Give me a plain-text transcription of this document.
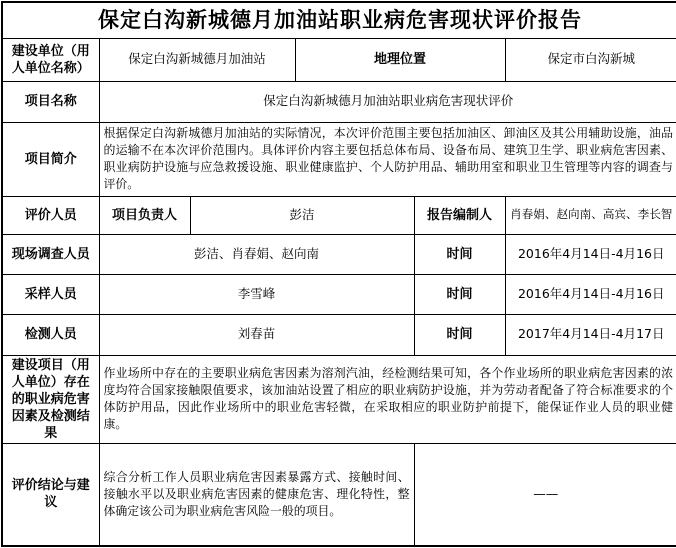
保定白沟新城德月加油站职业病危害现状评价报告					
建设单位（用人单位名称）	保定白沟新城德月加油站		地理位置		保定市白沟新城
项目名称	保定白沟新城德月加油站职业病危害现状评价				
项目简介	根据保定白沟新城德月加油站的实际情况，本次评价范围主要包括加油区、卸油区及其公用辅助设施，油品的运输不在本次评价范围内。具体评价内容主要包括总体布局、设备布局、建筑卫生学、职业病危害因素、职业病防护设施与应急救援设施、职业健康监护、个人防护用品、辅助用室和职业卫生管理等内容的调查与评价。				
评价人员	项目负责人	彭洁		报告编制人	肖春娟、赵向南、高宾、李长智
现场调查人员	彭洁、肖春娟、赵向南			时间	2016年4月14日-4月16日
采样人员	李雪峰			时间	2016年4月14日-4月16日
检测人员	刘春苗			时间	2017年4月14日-4月17日
建设项目（用人单位）存在的职业病危害因素及检测结果	作业场所中存在的主要职业病危害因素为溶剂汽油，经检测结果可知，各个作业场所的职业病危害因素的浓度均符合国家接触限值要求，该加油站设置了相应的职业病防护设施，并为劳动者配备了符合标准要求的个体防护用品，因此作业场所中的职业危害轻微，在采取相应的职业防护前提下，能保证作业人员的职业健康。				
评价结论与建议	综合分析工作人员职业病危害因素暴露方式、接触时间、接触水平以及职业病危害因素的健康危害、理化特性，整体确定该公司为职业病危害风险一般的项目。			——	
